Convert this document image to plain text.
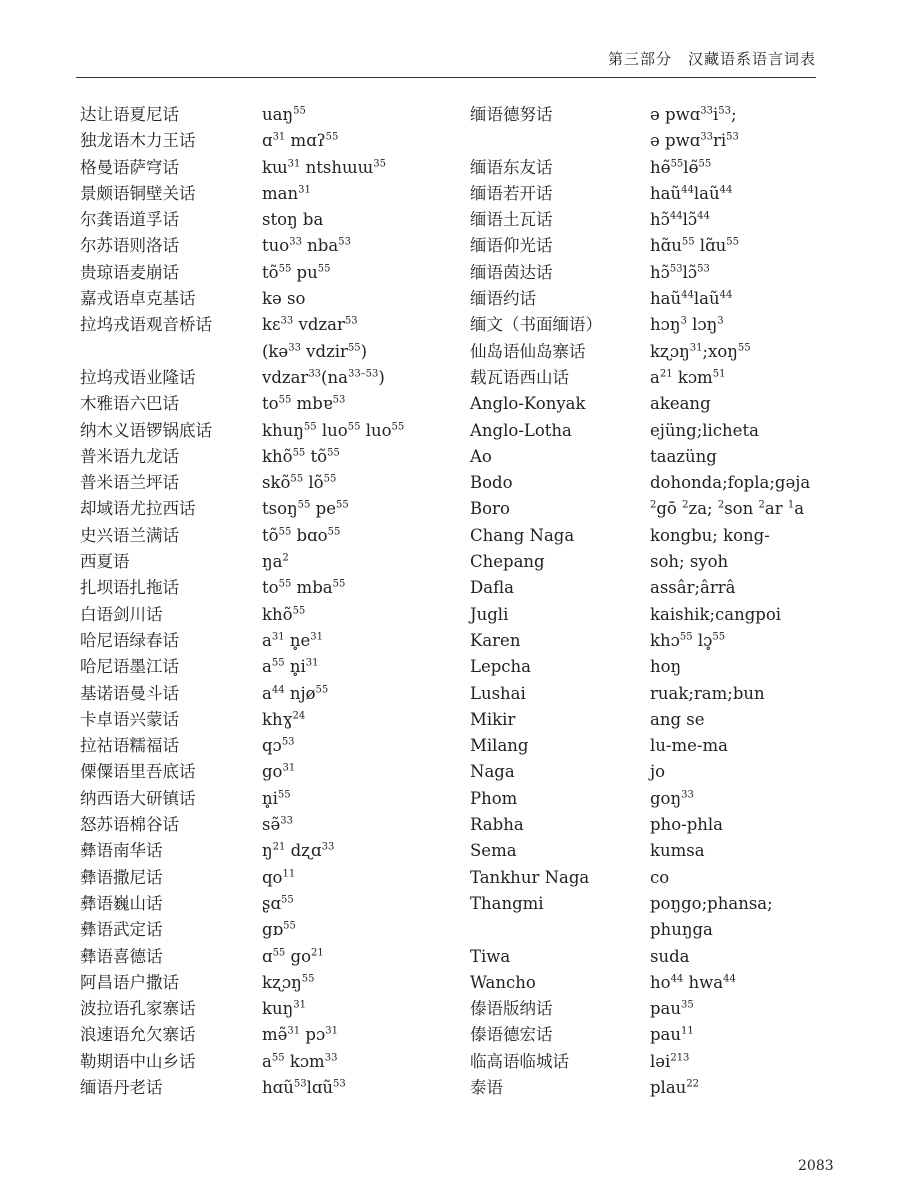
第三部分　汉藏语系语言词表
达让语夏尼话
独龙语木力王话
格曼语萨穹话
景颇语铜壁关话
尔龚语道孚话
尔苏语则洛话
贵琼语麦崩话
嘉戎语卓克基话
拉坞戎语观音桥话
拉坞戎语业隆话
木雅语六巴话
纳木义语锣锅底话
普米语九龙话
普米语兰坪话
却域语尤拉西话
史兴语兰满话
西夏语
扎坝语扎拖话
白语剑川话
哈尼语绿春话
哈尼语墨江话
基诺语曼斗话
卡卓语兴蒙话
拉祜语糯福话
傈僳语里吾底话
纳西语大研镇话
怒苏语棉谷话
彝语南华话
彝语撒尼话
彝语巍山话
彝语武定话
彝语喜德话
阿昌语户撒话
波拉语孔家寨话
浪速语允欠寨话
勒期语中山乡话
缅语丹老话
uaŋ$^{55}$
ɑ$^{31}$ mɑʔ$^{55}$
kɯ$^{31}$ ntshɯɯ$^{35}$
man$^{31}$
stoŋ ba
tuo$^{33}$ nba$^{53}$
$tõ^{55}$ $pu^{55}$
kə so
kɛ$^{33}$ vdzar$^{53}$
(kə$^{33}$ vdzir$^{55}$)
$vdzar^{33}(na^{33-53})$
$to^{55}$ mbɐ$^{53}$
khuŋ$^{55}$ luo$^{55}$ luo$^{55}$
khõ$^{55}$ $tõ^{55}$
skõ$^{55}$ $lõ^{55}$
tsoŋ$^{55}$ $pe^{55}$
$tõ^{55}$ bɑo$^{55}$
$ŋa^2$
$to^{55}$ mba$^{55}$
khõ$^{55}$
$a^{31}$ $n̥e^{31}$
$a^{55}$ $n̥i^{31}$
$a^{44}$ njø$^{55}$
khɣ$^{24}$
qɔ$^{53}$
$go^{31}$
$n̥i^{55}$
sə̃$^{33}$
$ŋ^{21}$ dʐɑ$^{33}$
$qo^{11}$
ʂɑ$^{55}$
gɒ$^{55}$
ɑ$^{55}$ $go^{21}$
kʐɔŋ$^{55}$
kuŋ$^{31}$
mə̃$^{31}$ pɔ$^{31}$
$a^{55}$ kɔm$^{33}$
hɑũ$^{53}$lɑũ$^{53}$
缅语德努话
缅语东友话
缅语若开话
缅语土瓦话
缅语仰光话
缅语茵达话
缅语约话
缅文（书面缅语）
仙岛语仙岛寨话
载瓦语西山话
Anglo-Konyak
Anglo-Lotha
Ao
Bodo
Boro
Chang Naga
Chepang
Dafla
Jugli
Karen
Lepcha
Lushai
Mikir
Milang
Naga
Phom
Rabha
Sema
Tankhur Naga
Thangmi
Tiwa
Wancho
傣语版纳话
傣语德宏话
临高语临城话
泰语
ə $pwɑ^{33}i^{53}$;
ə $pwɑ^{33}ri^{53}$
hɵ̃$^{55}$lɵ̃$^{55}$
haũ$^{44}$laũ$^{44}$
hɔ̃$^{44}$lɔ̃$^{44}$
$hɑ̃u^{55}$ $lɑ̃u^{55}$
hɔ̃$^{53}$lɔ̃$^{53}$
haũ$^{44}$laũ$^{44}$
hɔŋ$^3$ lɔŋ$^3$
kʐɔŋ$^{31}$;xoŋ$^{55}$
$a^{21}$ kɔm$^{51}$
akeang
ejüng;licheta
taazüng
dohonda;fopla;gəja
$^2$gō $^2$za; $^2$son $^2$ar $^1$a
kongbu; kong-
soh; syoh
assâr;ârrâ
kaishik;cangpoi
khɔ$^{55}$ lɔ̥$^{55}$
hoŋ
ruak;ram;bun
ang se
lu-me-ma
jo
goŋ$^{33}$
pho-phla
kumsa
co
poŋgo;phansa;
phuŋga
suda
$ho^{44}$ hwa$^{44}$
pau$^{35}$
pau$^{11}$
ləi$^{213}$
plau$^{22}$
2083
